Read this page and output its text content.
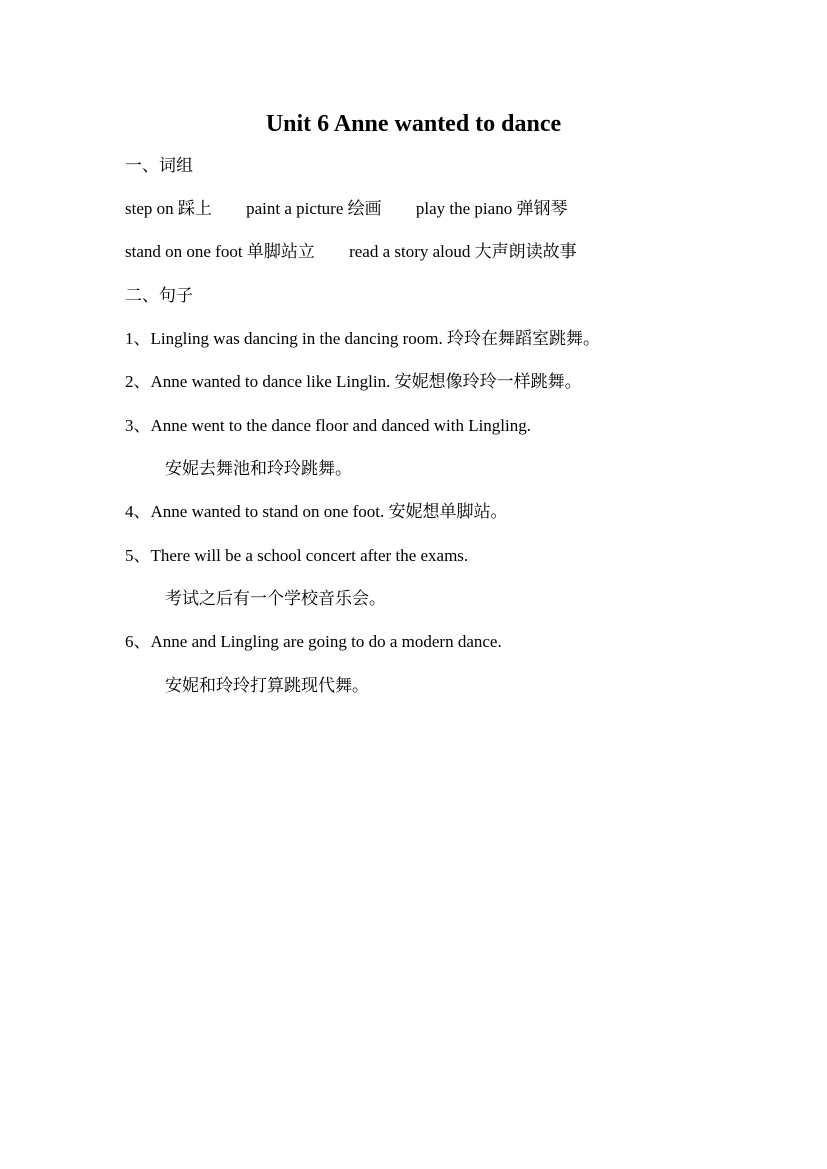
Unit 6 Anne wanted to dance
一、词组
step on 踩上 paint a picture 绘画 play the piano 弹钢琴
stand on one foot 单脚站立 read a story aloud 大声朗读故事
二、句子
1、Lingling was dancing in the dancing room. 玲玲在舞蹈室跳舞。
2、Anne wanted to dance like Linglin. 安妮想像玲玲一样跳舞。
3、Anne went to the dance floor and danced with Lingling.
安妮去舞池和玲玲跳舞。
4、Anne wanted to stand on one foot. 安妮想单脚站。
5、There will be a school concert after the exams.
考试之后有一个学校音乐会。
6、Anne and Lingling are going to do a modern dance.
安妮和玲玲打算跳现代舞。
